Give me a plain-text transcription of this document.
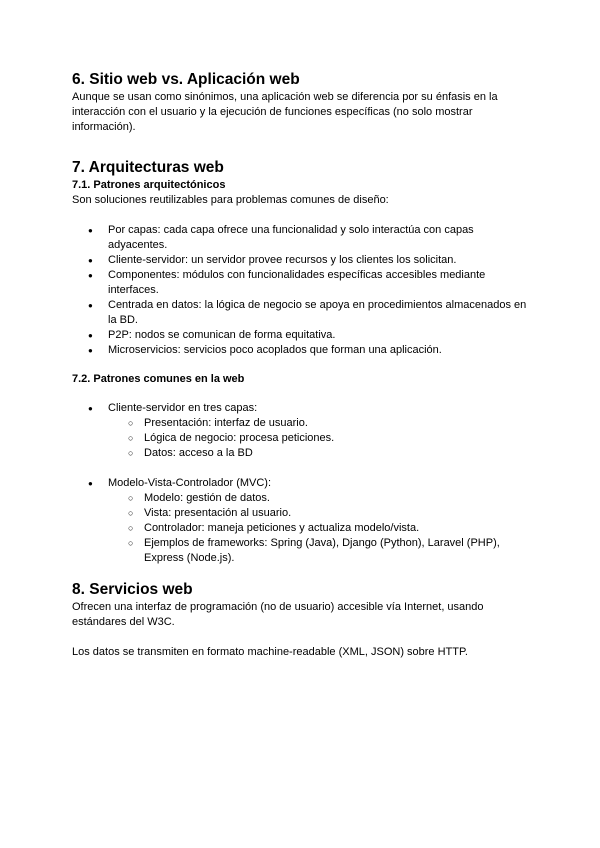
6. Sitio web vs. Aplicación web

Aunque se usan como sinónimos, una aplicación web se diferencia por su énfasis en la interacción con el usuario y la ejecución de funciones específicas (no solo mostrar información).

7. Arquitecturas web
7.1. Patrones arquitectónicos

Son soluciones reutilizables para problemas comunes de diseño:

● Por capas: cada capa ofrece una funcionalidad y solo interactúa con capas adyacentes.
● Cliente-servidor: un servidor provee recursos y los clientes los solicitan.
● Componentes: módulos con funcionalidades específicas accesibles mediante interfaces.
● Centrada en datos: la lógica de negocio se apoya en procedimientos almacenados en la BD.
● P2P: nodos se comunican de forma equitativa.
● Microservicios: servicios poco acoplados que forman una aplicación.
7.2. Patrones comunes en la web
● Cliente-servidor en tres capas:
○ Presentación: interfaz de usuario.
○ Lógica de negocio: procesa peticiones.
○ Datos: acceso a la BD
● Modelo-Vista-Controlador (MVC):
○ Modelo: gestión de datos.
○ Vista: presentación al usuario.
○ Controlador: maneja peticiones y actualiza modelo/vista.
○ Ejemplos de frameworks: Spring (Java), Django (Python), Laravel (PHP), Express (Node.js).
8. Servicios web

Ofrecen una interfaz de programación (no de usuario) accesible vía Internet, usando estándares del W3C.

Los datos se transmiten en formato machine-readable (XML, JSON) sobre HTTP.
